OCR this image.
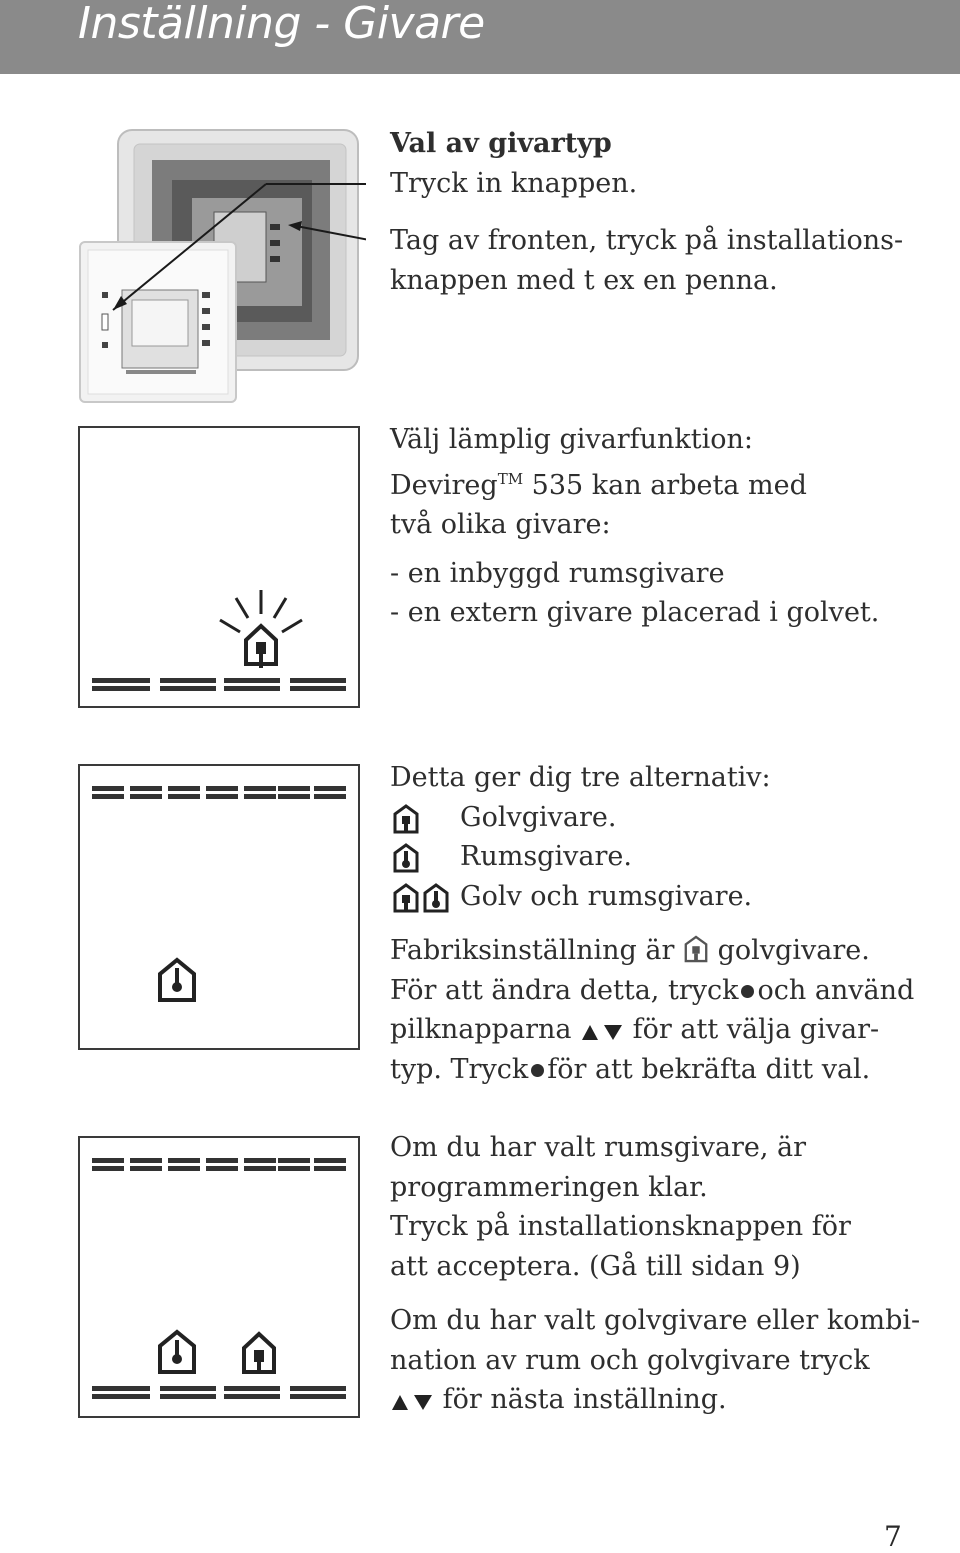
Inställning - Givare

Val av givartyp

Tryck in knappen.

Tag av fronten, tryck på installations-

knappen med t ex en penna.

Välj lämplig givarfunktion:

Devireg™ 535 kan arbeta med

två olika givare:

- en inbyggd rumsgivare

- en extern givare placerad i golvet.

Detta ger dig tre alternativ:

Golvgivare.

Rumsgivare.

Golv och rumsgivare.

Fabriksinställning är golvgivare.

För att ändra detta, tryck och använd

pilknapparna för att välja givar-

typ. Tryck för att bekräfta ditt val.

Om du har valt rumsgivare, är

programmeringen klar.

Tryck på installationsknappen för

att acceptera. (Gå till sidan 9)

Om du har valt golvgivare eller kombi-

nation av rum och golvgivare tryck

för nästa inställning.

7
